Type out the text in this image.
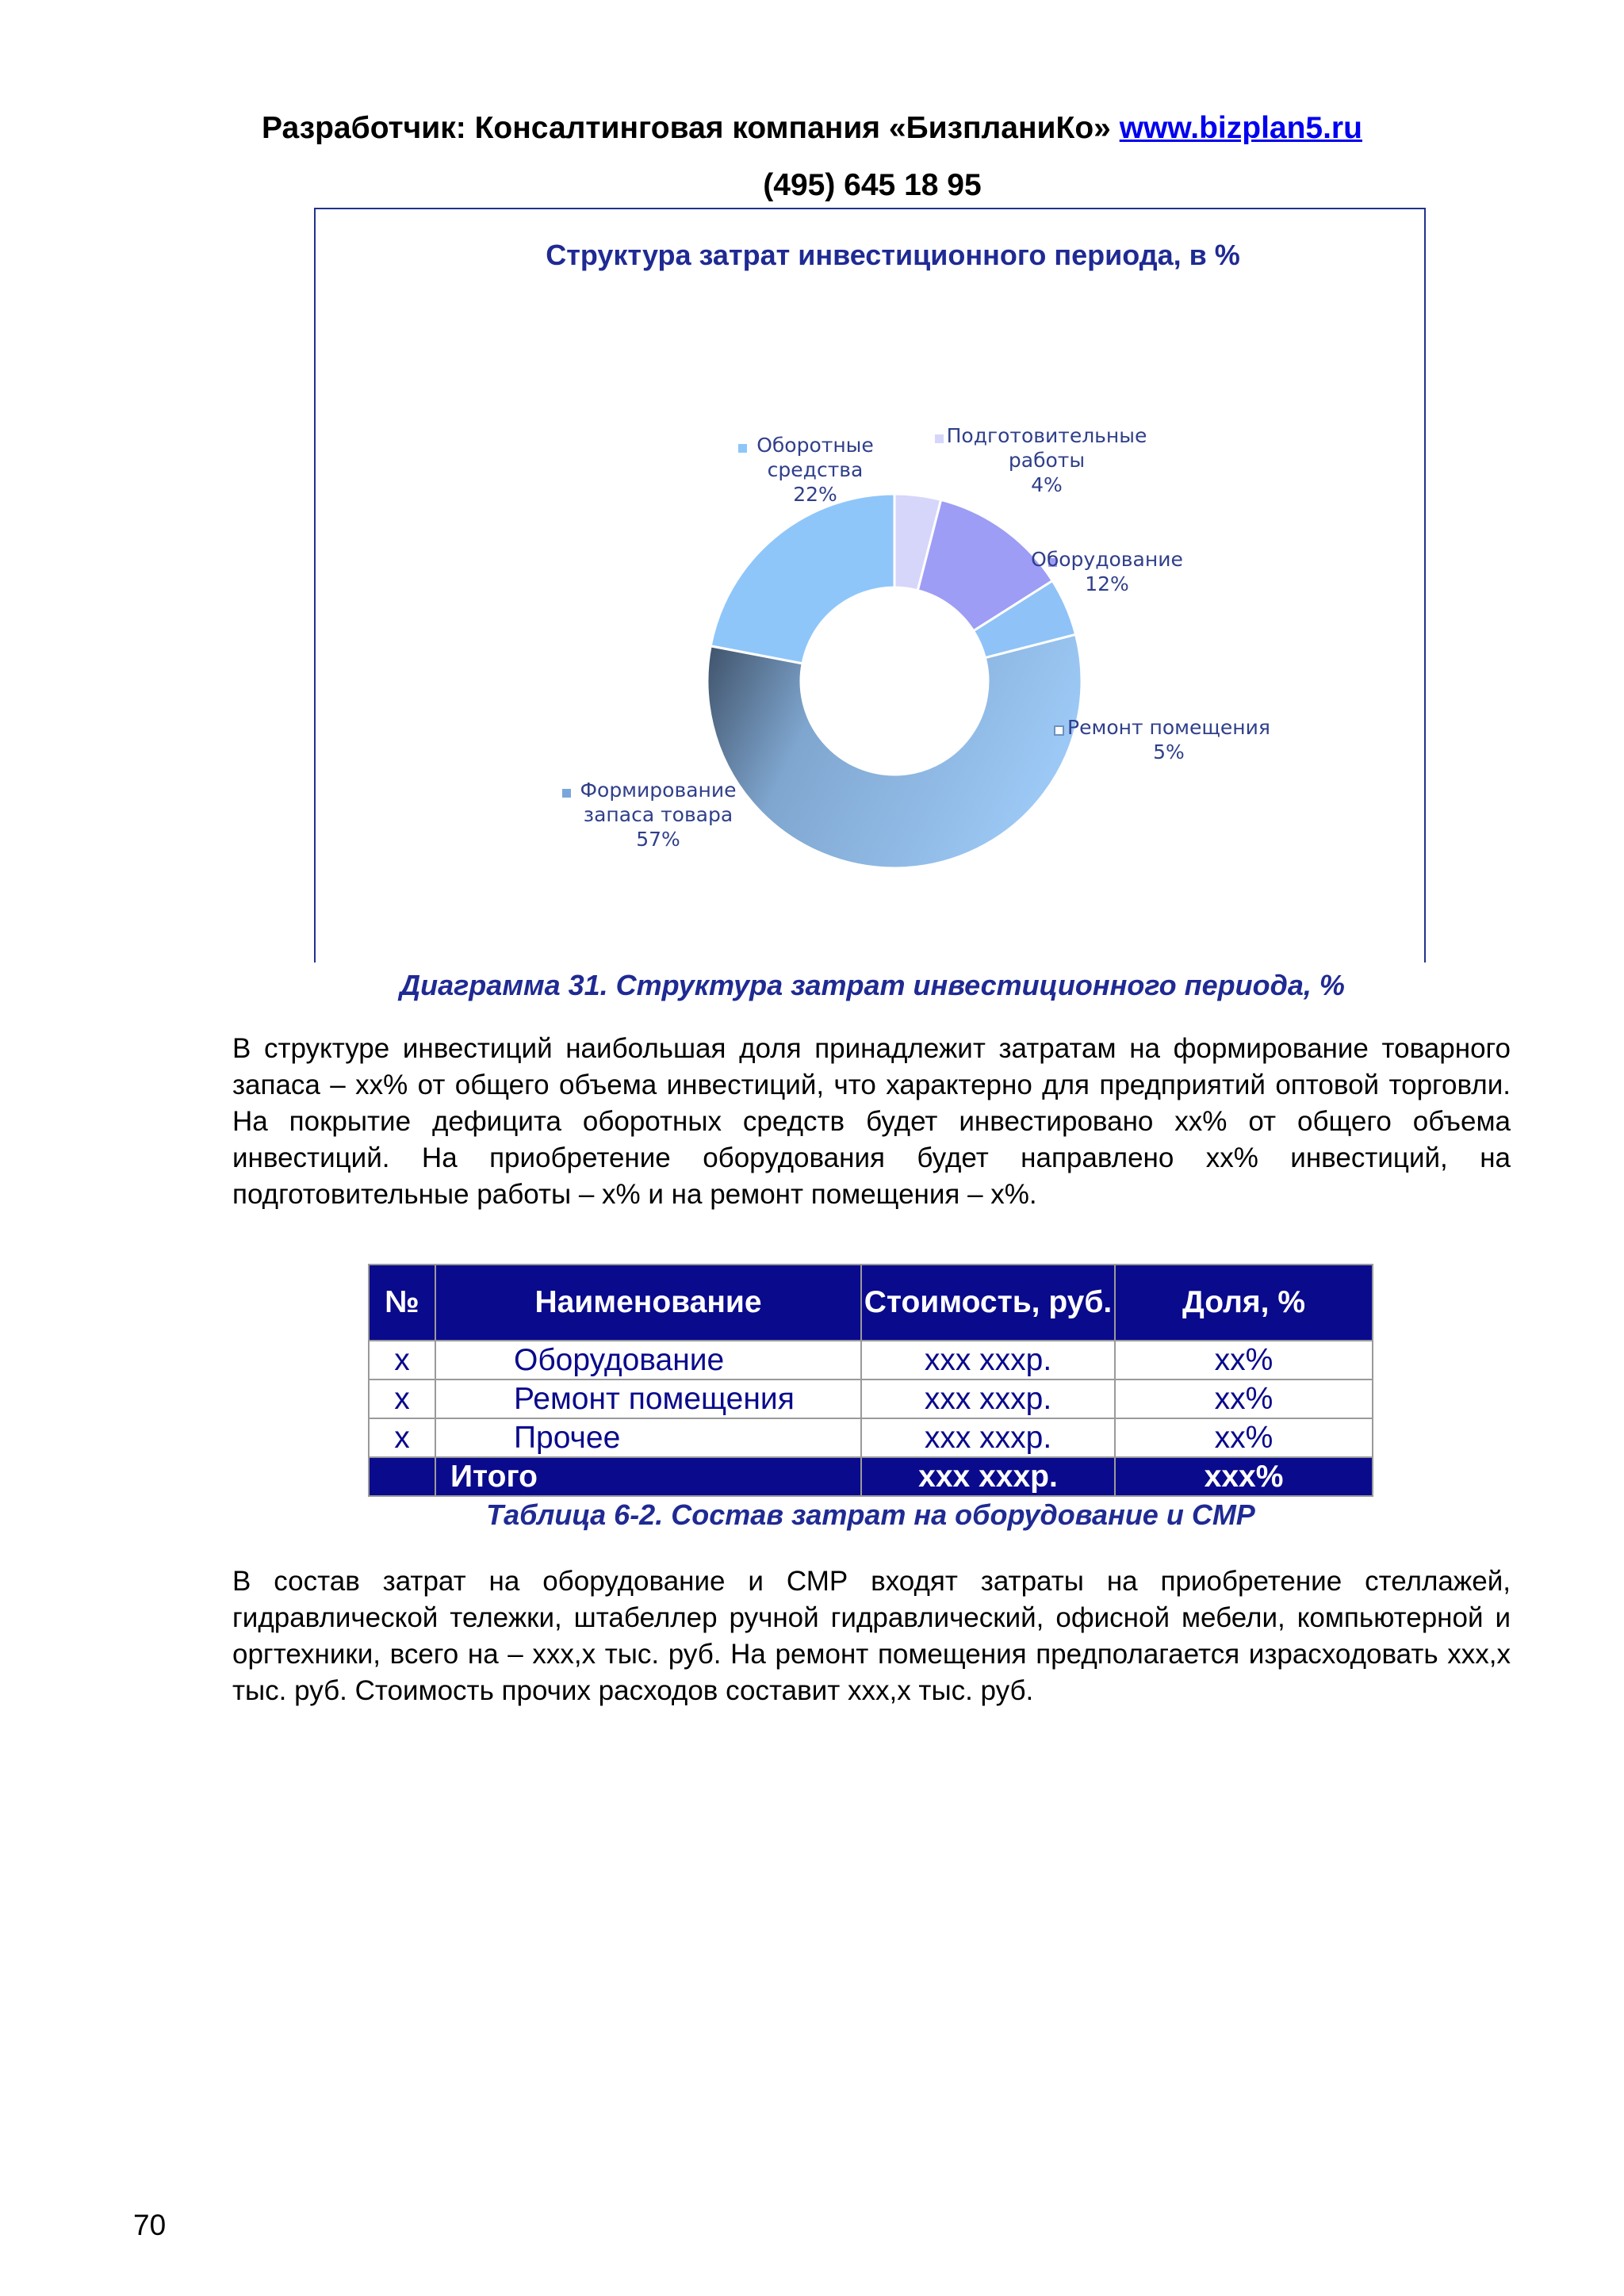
Разработчик: Консалтинговая компания «БизпланиКо» www.bizplan5.ru
(495) 645 18 95
Структура затрат инвестиционного периода, в %
Подготовительные
работы
4%
Оборудование
12%
Ремонт помещения
5%
Формирование
запаса товара
57%
Оборотные
средства
22%
Диаграмма 31. Структура затрат инвестиционного периода, %
В структуре инвестиций наибольшая доля принадлежит затратам на формирование товарного запаса – хх% от общего объема инвестиций, что характерно для предприятий оптовой торговли. На покрытие дефицита оборотных средств будет инвестировано хх% от общего объема инвестиций. На приобретение оборудования будет направлено хх% инвестиций, на подготовительные работы – х% и на ремонт помещения – х%.
№	Наименование	Стоимость, руб.	Доля, %
х	Оборудование	ххх хххр.	хх%
х	Ремонт помещения	ххх хххр.	хх%
х	Прочее	ххх хххр.	хх%
	Итого	ххх хххр.	ххх%
Таблица 6-2. Состав затрат на оборудование и СМР
В состав затрат на оборудование и СМР входят затраты на приобретение стеллажей, гидравлической тележки, штабеллер ручной гидравлический, офисной мебели, компьютерной и оргтехники, всего на – ххх,х тыс. руб. На ремонт помещения предполагается израсходовать ххх,х тыс. руб. Стоимость прочих расходов составит ххх,х тыс. руб.
70
